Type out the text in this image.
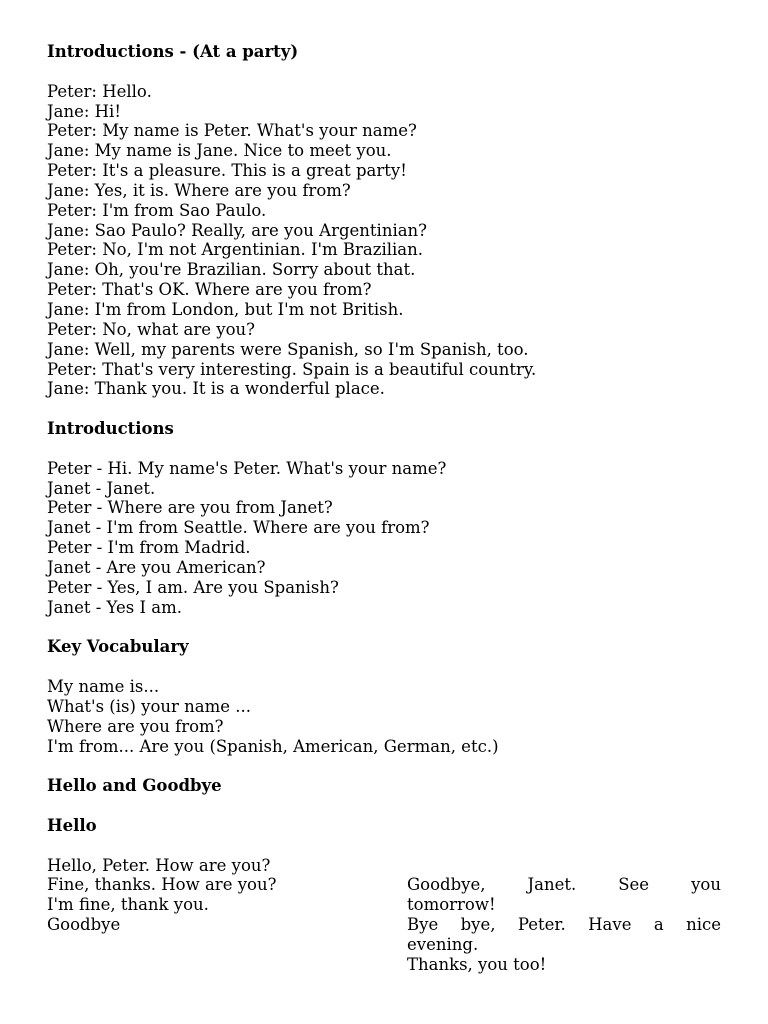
Introductions - (At a party)
Peter: Hello.
Jane: Hi!
Peter: My name is Peter. What's your name?
Jane: My name is Jane. Nice to meet you.
Peter: It's a pleasure. This is a great party!
Jane: Yes, it is. Where are you from?
Peter: I'm from Sao Paulo.
Jane: Sao Paulo? Really, are you Argentinian?
Peter: No, I'm not Argentinian. I'm Brazilian.
Jane: Oh, you're Brazilian. Sorry about that.
Peter: That's OK. Where are you from?
Jane: I'm from London, but I'm not British.
Peter: No, what are you?
Jane: Well, my parents were Spanish, so I'm Spanish, too.
Peter: That's very interesting. Spain is a beautiful country.
Jane: Thank you. It is a wonderful place.
Introductions
Peter - Hi. My name's Peter. What's your name?
Janet - Janet.
Peter - Where are you from Janet?
Janet - I'm from Seattle. Where are you from?
Peter - I'm from Madrid.
Janet - Are you American?
Peter - Yes, I am. Are you Spanish?
Janet - Yes I am.
Key Vocabulary
My name is...
What's (is) your name ...
Where are you from?
I'm from... Are you (Spanish, American, German, etc.)
Hello and Goodbye
Hello
Hello, Peter. How are you?
Fine, thanks. How are you?
I'm fine, thank you.
Goodbye
Goodbye,	Janet.	See	you
tomorrow!
Bye bye, Peter. Have a nice
evening.
Thanks, you too!
